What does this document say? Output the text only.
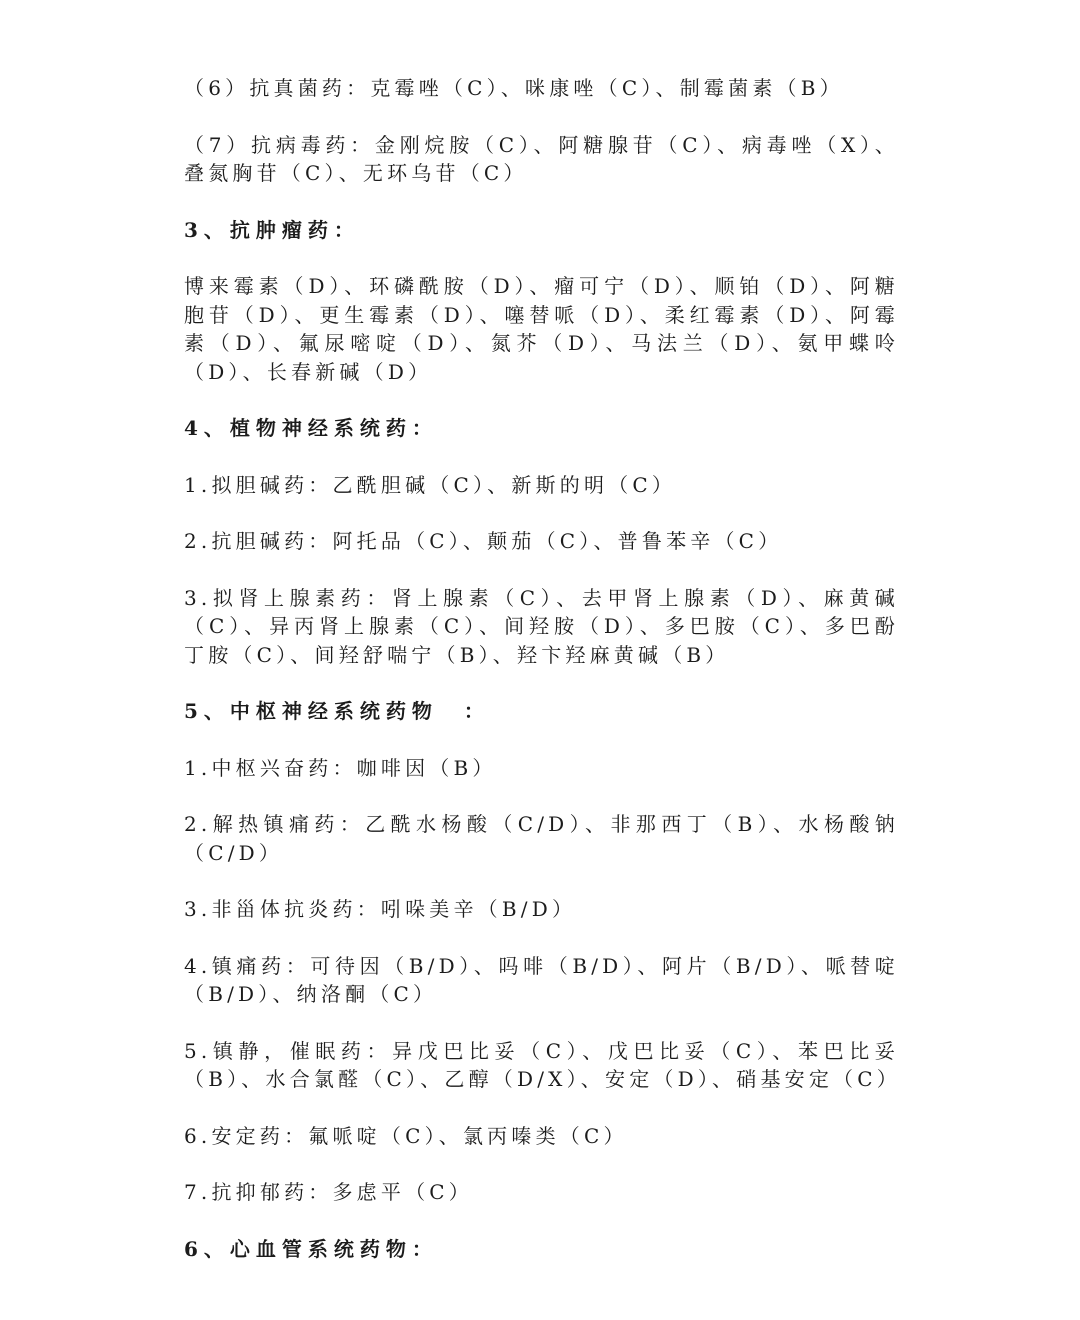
（6）抗真菌药：克霉唑（C）、咪康唑（C）、制霉菌素（B）

（7）抗病毒药：金刚烷胺（C）、阿糖腺苷（C）、病毒唑（X）、叠氮胸苷（C）、无环乌苷（C）

3、抗肿瘤药：

博来霉素（D）、环磷酰胺（D）、瘤可宁（D）、顺铂（D）、阿糖胞苷（D）、更生霉素（D）、噻替哌（D）、柔红霉素（D）、阿霉素（D）、氟尿嘧啶（D）、氮芥（D）、马法兰（D）、氨甲蝶呤（D）、长春新碱（D）

4、植物神经系统药：

1.拟胆碱药：乙酰胆碱（C）、新斯的明（C）

2.抗胆碱药：阿托品（C）、颠茄（C）、普鲁苯辛（C）

3.拟肾上腺素药：肾上腺素（C）、去甲肾上腺素（D）、麻黄碱（C）、异丙肾上腺素（C）、间羟胺（D）、多巴胺（C）、多巴酚丁胺（C）、间羟舒喘宁（B）、羟卞羟麻黄碱（B）

5、中枢神经系统药物　：

1.中枢兴奋药：咖啡因（B）

2.解热镇痛药：乙酰水杨酸（C/D）、非那西丁（B）、水杨酸钠（C/D）

3.非甾体抗炎药：吲哚美辛（B/D）

4.镇痛药：可待因（B/D）、吗啡（B/D）、阿片（B/D）、哌替啶（B/D）、纳洛酮（C）

5.镇静，催眠药：异戊巴比妥（C）、戊巴比妥（C）、苯巴比妥（B）、水合氯醛（C）、乙醇（D/X）、安定（D）、硝基安定（C）

6.安定药：氟哌啶（C）、氯丙嗪类（C）

7.抗抑郁药：多虑平（C）

6、心血管系统药物：
